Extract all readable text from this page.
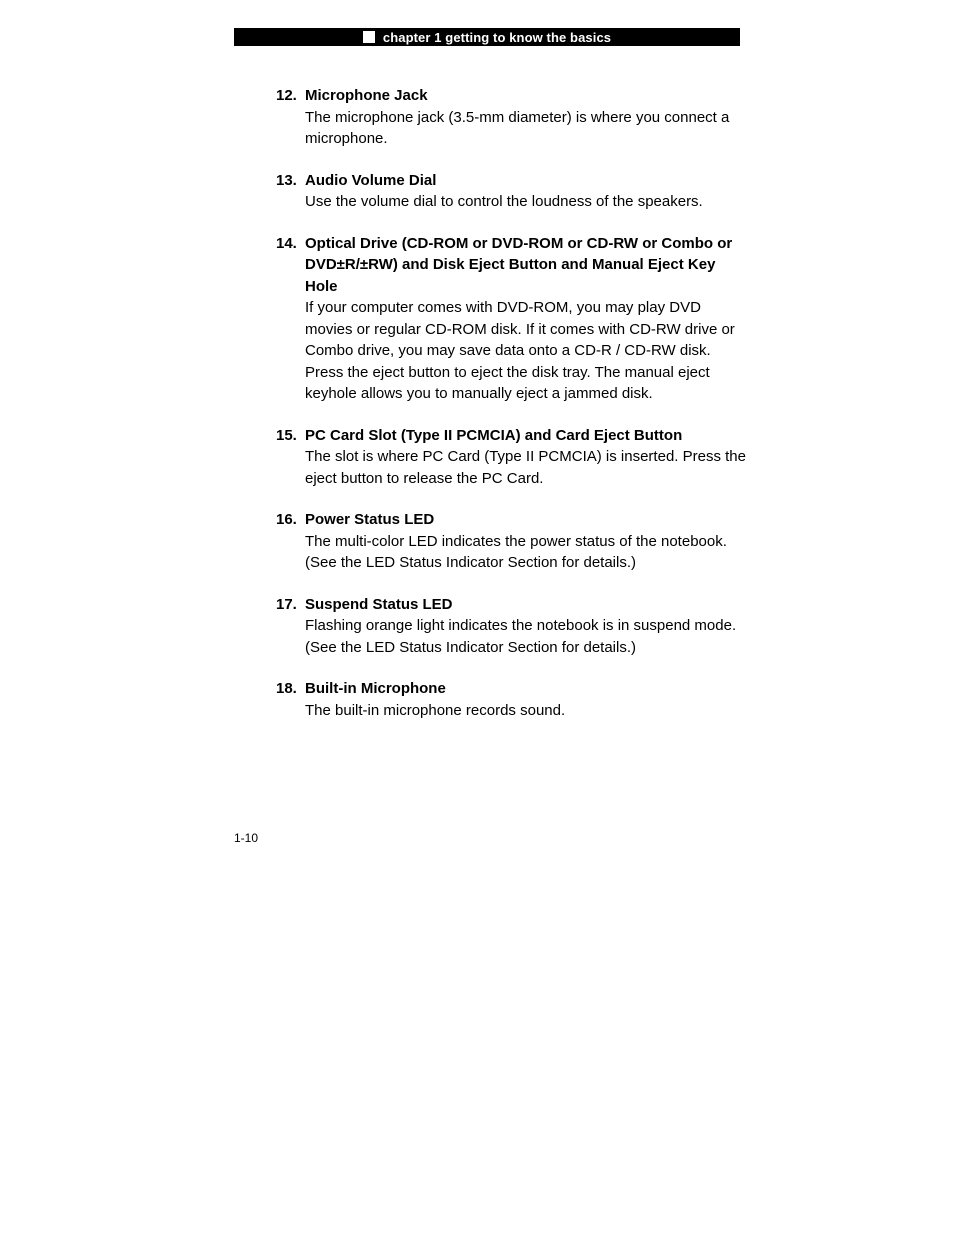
chapter 1 getting to know the basics
12. Microphone Jack
The microphone jack (3.5-mm diameter) is where you connect a microphone.
13. Audio Volume Dial
Use the volume dial to control the loudness of the speakers.
14. Optical Drive (CD-ROM or DVD-ROM or CD-RW or Combo or DVD±R/±RW) and Disk Eject Button and Manual Eject Key Hole
If your computer comes with DVD-ROM, you may play DVD movies or regular CD-ROM disk. If it comes with CD-RW drive or Combo drive, you may save data onto a CD-R / CD-RW disk. Press the eject button to eject the disk tray. The manual eject keyhole allows you to manually eject a jammed disk.
15. PC Card Slot (Type II PCMCIA) and Card Eject Button
The slot is where PC Card (Type II PCMCIA) is inserted. Press the eject button to release the PC Card.
16. Power Status LED
The multi-color LED indicates the power status of the notebook. (See the LED Status Indicator Section for details.)
17. Suspend Status LED
Flashing orange light indicates the notebook is in suspend mode. (See the LED Status Indicator Section for details.)
18. Built-in Microphone
The built-in microphone records sound.
1-10
